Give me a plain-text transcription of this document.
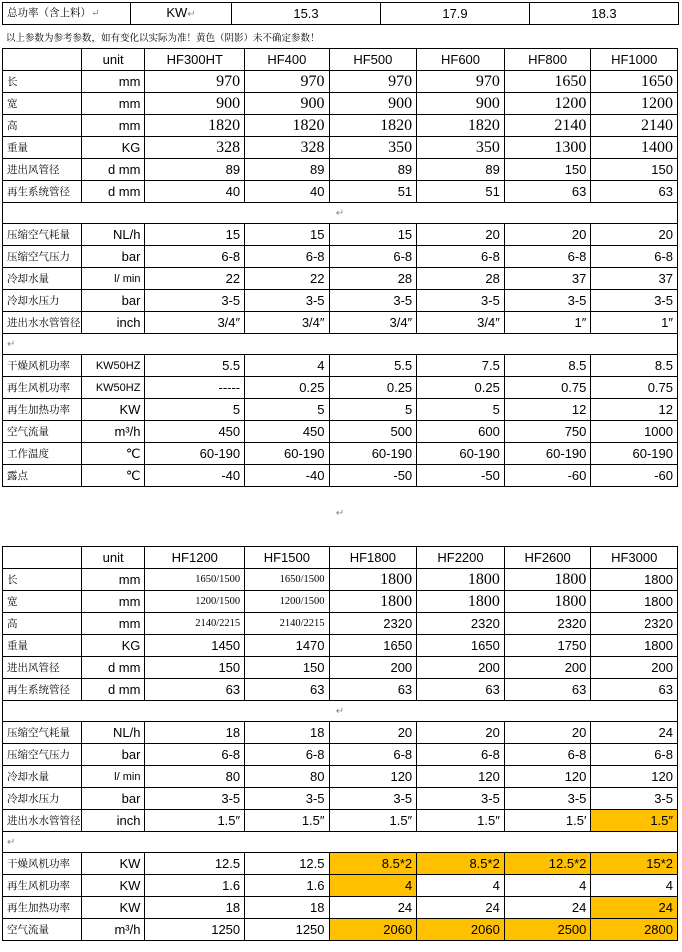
总功率（含上料）↵	KW↵	15.3	17.9	18.3
以上参数为参考参数，如有变化以实际为准！黄色（阴影）未不确定参数！
	unit	HF300HT	HF400	HF500	HF600	HF800	HF1000
长	mm	970	970	970	970	1650	1650
宽	mm	900	900	900	900	1200	1200
高	mm	1820	1820	1820	1820	2140	2140
重量	KG	328	328	350	350	1300	1400
进出风管径	d mm	89	89	89	89	150	150
再生系统管径	d mm	40	40	51	51	63	63
↵							
压缩空气耗量	NL/h	15	15	15	20	20	20
压缩空气压力	bar	6-8	6-8	6-8	6-8	6-8	6-8
冷却水量	l/ min	22	22	28	28	37	37
冷却水压力	bar	3-5	3-5	3-5	3-5	3-5	3-5
进出水水管管径	inch	3/4″	3/4″	3/4″	3/4″	1″	1″
↵							
干燥风机功率	KW50HZ	5.5	4	5.5	7.5	8.5	8.5
再生风机功率	KW50HZ	-----	0.25	0.25	0.25	0.75	0.75
再生加热功率	KW	5	5	5	5	12	12
空气流量	m³/h	450	450	500	600	750	1000
工作温度	℃	60-190	60-190	60-190	60-190	60-190	60-190
露点	℃	-40	-40	-50	-50	-60	-60
↵
	unit	HF1200	HF1500	HF1800	HF2200	HF2600	HF3000
长	mm	1650/1500	1650/1500	1800	1800	1800	1800
宽	mm	1200/1500	1200/1500	1800	1800	1800	1800
高	mm	2140/2215	2140/2215	2320	2320	2320	2320
重量	KG	1450	1470	1650	1650	1750	1800
进出风管径	d mm	150	150	200	200	200	200
再生系统管径	d mm	63	63	63	63	63	63
↵							
压缩空气耗量	NL/h	18	18	20	20	20	24
压缩空气压力	bar	6-8	6-8	6-8	6-8	6-8	6-8
冷却水量	l/ min	80	80	120	120	120	120
冷却水压力	bar	3-5	3-5	3-5	3-5	3-5	3-5
进出水水管管径	inch	1.5″	1.5″	1.5″	1.5″	1.5′	1.5″
↵							
干燥风机功率	KW	12.5	12.5	8.5*2	8.5*2	12.5*2	15*2
再生风机功率	KW	1.6	1.6	4	4	4	4
再生加热功率	KW	18	18	24	24	24	24
空气流量	m³/h	1250	1250	2060	2060	2500	2800
